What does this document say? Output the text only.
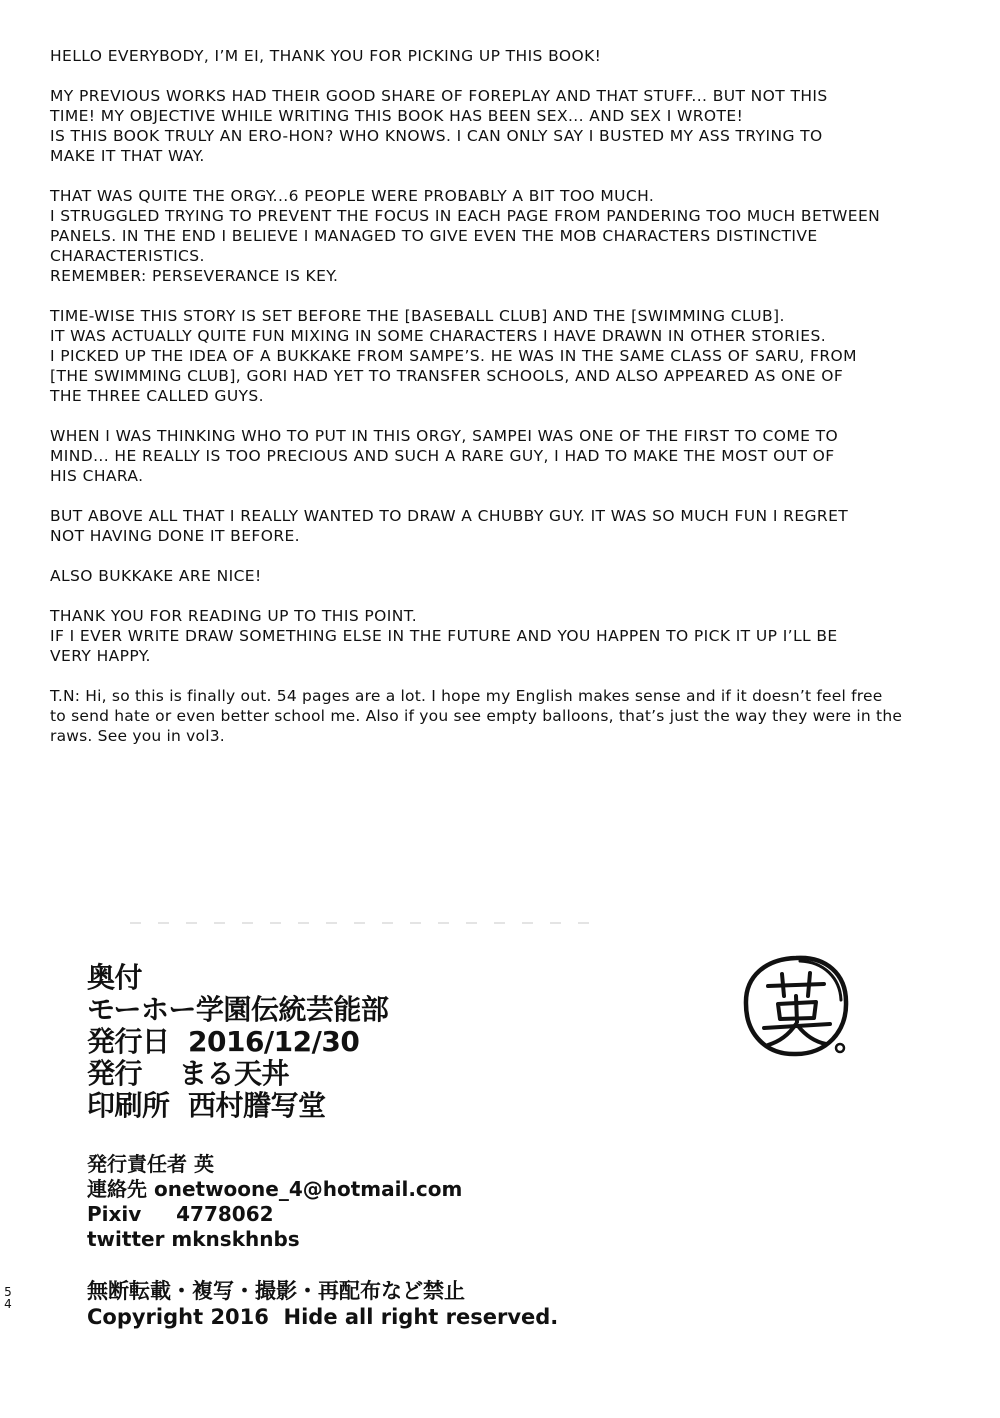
HELLO EVERYBODY, I’M EI, THANK YOU FOR PICKING UP THIS BOOK!

MY PREVIOUS WORKS HAD THEIR GOOD SHARE OF FOREPLAY AND THAT STUFF... BUT NOT THIS
TIME! MY OBJECTIVE WHILE WRITING THIS BOOK HAS BEEN SEX... AND SEX I WROTE!
IS THIS BOOK TRULY AN ERO-HON? WHO KNOWS. I CAN ONLY SAY I BUSTED MY ASS TRYING TO
MAKE IT THAT WAY.

THAT WAS QUITE THE ORGY...6 PEOPLE WERE PROBABLY A BIT TOO MUCH.
I STRUGGLED TRYING TO PREVENT THE FOCUS IN EACH PAGE FROM PANDERING TOO MUCH BETWEEN
PANELS. IN THE END I BELIEVE I MANAGED TO GIVE EVEN THE MOB CHARACTERS DISTINCTIVE
CHARACTERISTICS.
REMEMBER: PERSEVERANCE IS KEY.

TIME-WISE THIS STORY IS SET BEFORE THE [BASEBALL CLUB] AND THE [SWIMMING CLUB].
IT WAS ACTUALLY QUITE FUN MIXING IN SOME CHARACTERS I HAVE DRAWN IN OTHER STORIES.
I PICKED UP THE IDEA OF A BUKKAKE FROM SAMPE’S. HE WAS IN THE SAME CLASS OF SARU, FROM
[THE SWIMMING CLUB], GORI HAD YET TO TRANSFER SCHOOLS, AND ALSO APPEARED AS ONE OF
THE THREE CALLED GUYS.

WHEN I WAS THINKING WHO TO PUT IN THIS ORGY, SAMPEI WAS ONE OF THE FIRST TO COME TO
MIND... HE REALLY IS TOO PRECIOUS AND SUCH A RARE GUY, I HAD TO MAKE THE MOST OUT OF
HIS CHARA.

BUT ABOVE ALL THAT I REALLY WANTED TO DRAW A CHUBBY GUY. IT WAS SO MUCH FUN I REGRET
NOT HAVING DONE IT BEFORE.

ALSO BUKKAKE ARE NICE!

THANK YOU FOR READING UP TO THIS POINT.
IF I EVER WRITE DRAW SOMETHING ELSE IN THE FUTURE AND YOU HAPPEN TO PICK IT UP I’LL BE
VERY HAPPY.

T.N: Hi, so this is finally out. 54 pages are a lot. I hope my English makes sense and if it doesn’t feel free
to send hate or even better school me. Also if you see empty balloons, that’s just the way they were in the
raws. See you in vol3.

奥付

モーホー学園伝統芸能部

発行日  2016/12/30

発行    まる天丼

印刷所  西村謄写堂

発行責任者 英

連絡先 onetwoone_4@hotmail.com

Pixiv     4778062

twitter mknskhnbs

無断転載・複写・撮影・再配布など禁止

Copyright 2016  Hide all right reserved.

5
4
